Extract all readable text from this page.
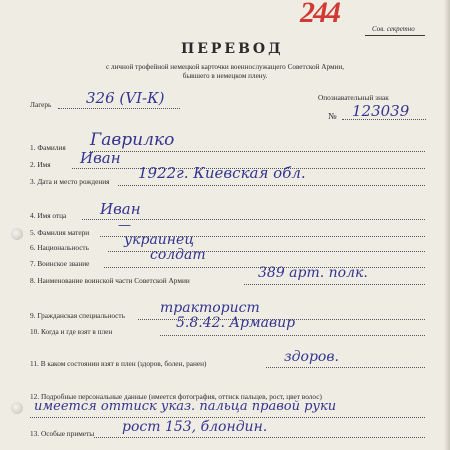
244	Сов. секретно
ПЕРЕВОД
с личной трофейной немецкой карточки военнослужащего Советской Армии,
бывшего в немецком плену.
Лагерь 326 (VI-К)	Опознавательный знак
№ 123039
1. Фамилия Гаврилко
2. Имя Иван
3. Дата и место рождения 1922г. Киевская обл.
4. Имя отца Иван
5. Фамилия матери —
6. Национальность	украинец
7. Воинское звание
солдат
8. Наименование воинской части Советской Армии	389 арт. полк.
9. Гражданская специальность	тракторист
10. Когда и где взят в плен
5.8.42. Армавир
11. В каком состоянии взят в плен (здоров, болен, ранен)	здоров.
12. Подробные персональные данные (имеется фотография, оттиск пальцев, рост, цвет волос)
имеется оттиск указ. пальца правой руки
13. Особые приметы рост 153, блондин.
